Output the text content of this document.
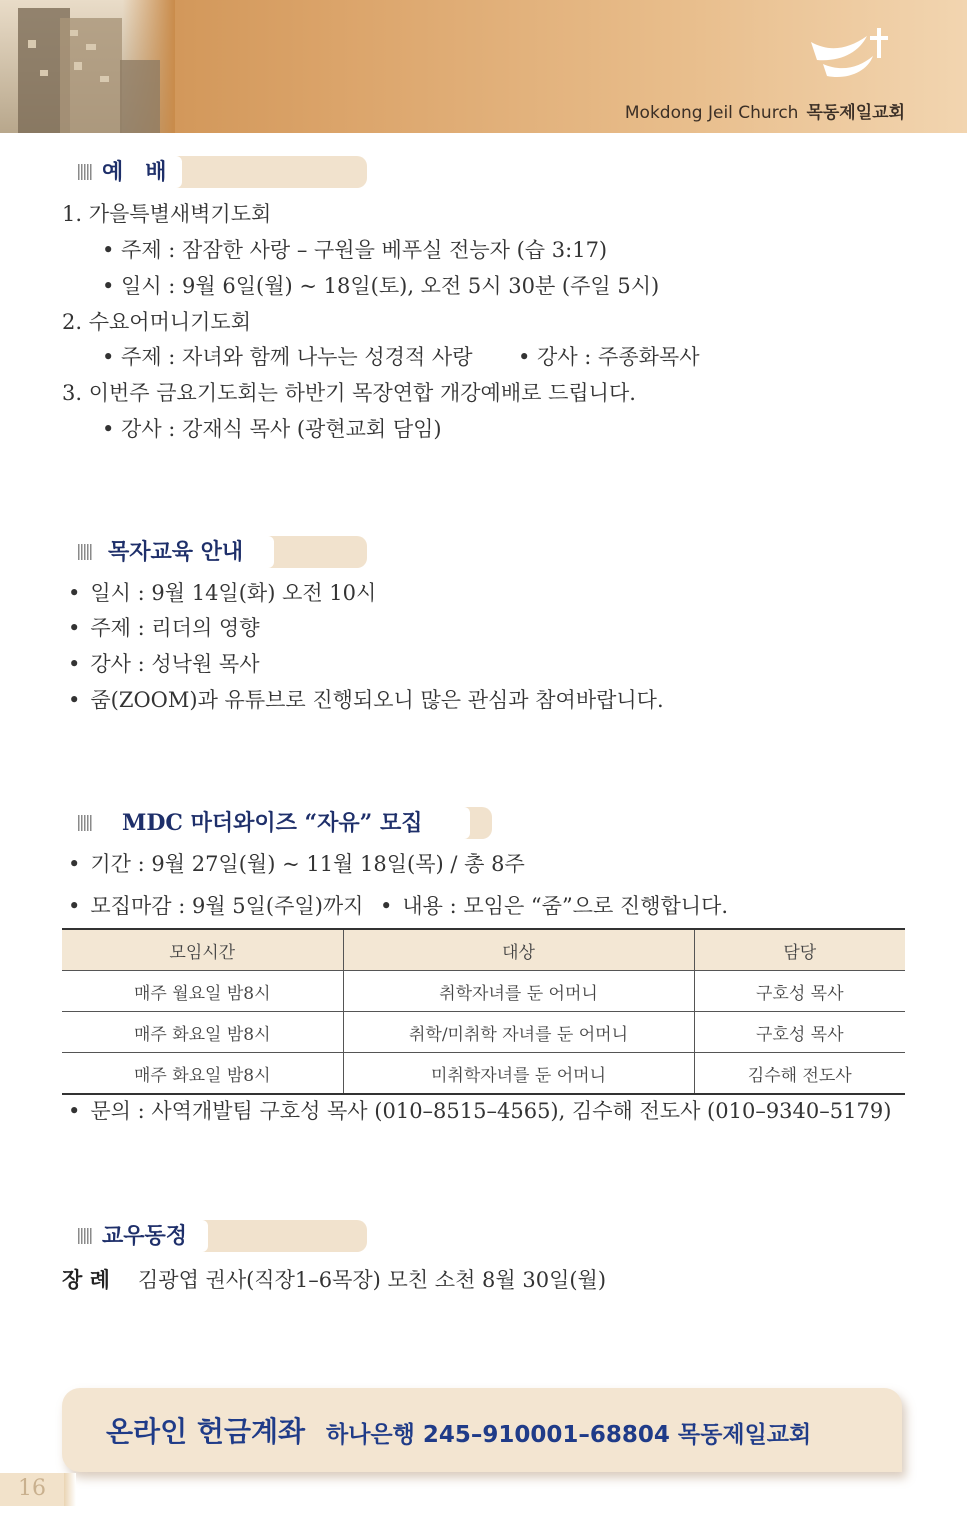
Mokdong Jeil Church 목동제일교회
예　배
1. 가을특별새벽기도회
• 주제 : 잠잠한 사랑 – 구원을 베푸실 전능자 (습 3:17)
• 일시 : 9월 6일(월) ~ 18일(토), 오전 5시 30분 (주일 5시)
2. 수요어머니기도회
• 주제 : 자녀와 함께 나누는 성경적 사랑 • 강사 : 주종화목사
3. 이번주 금요기도회는 하반기 목장연합 개강예배로 드립니다.
• 강사 : 강재식 목사 (광현교회 담임)
목자교육 안내
• 일시 : 9월 14일(화) 오전 10시
• 주제 : 리더의 영향
• 강사 : 성낙원 목사
• 줌(ZOOM)과 유튜브로 진행되오니 많은 관심과 참여바랍니다.
MDC 마더와이즈 “자유” 모집
• 기간 : 9월 27일(월) ~ 11월 18일(목) / 총 8주
• 모집마감 : 9월 5일(주일)까지	• 내용 : 모임은 “줌”으로 진행합니다.
모임시간	대상	담당
매주 월요일 밤8시	취학자녀를 둔 어머니	구호성 목사
매주 화요일 밤8시	취학/미취학 자녀를 둔 어머니	구호성 목사
매주 화요일 밤8시	미취학자녀를 둔 어머니	김수해 전도사
• 문의 : 사역개발팀 구호성 목사 (010–8515–4565), 김수해 전도사 (010–9340–5179)
교우동정
장 례 김광엽 권사(직장1–6목장) 모친 소천 8월 30일(월)
온라인 헌금계좌 하나은행 245–910001–68804 목동제일교회
16
